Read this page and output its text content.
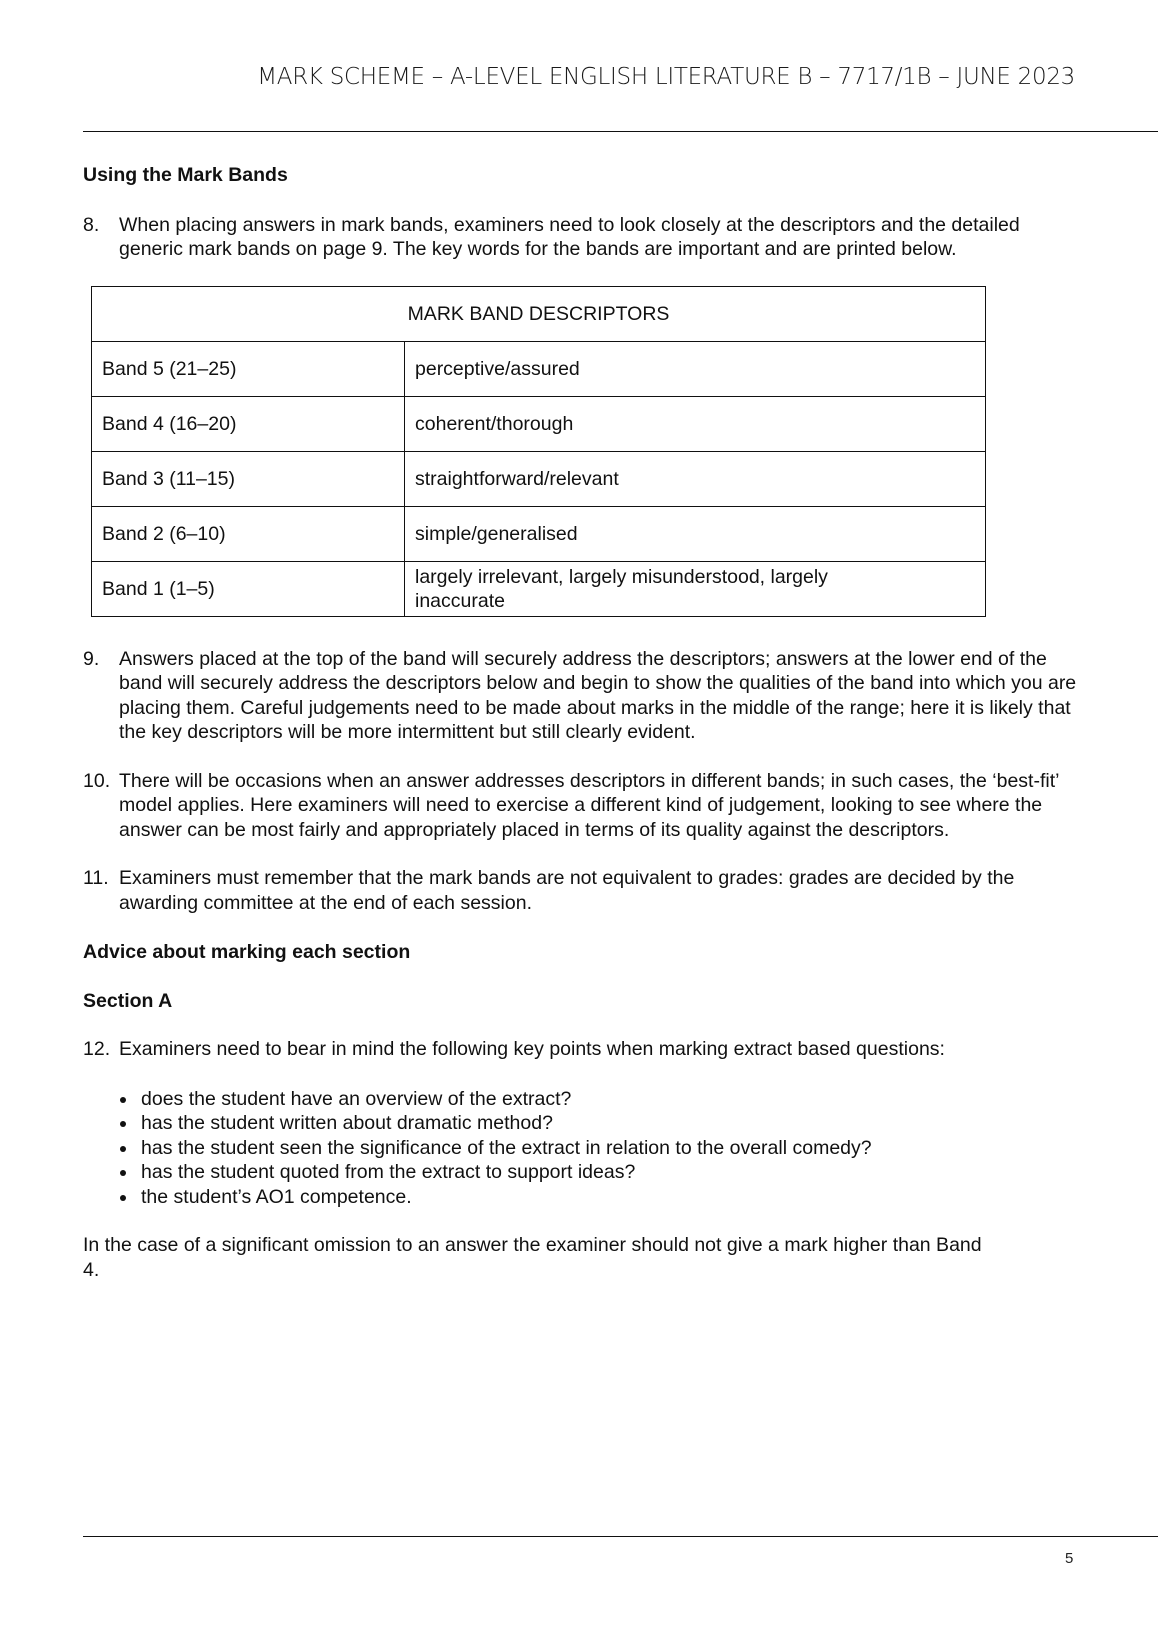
MARK SCHEME – A-LEVEL ENGLISH LITERATURE B – 7717/1B – JUNE 2023
Using the Mark Bands

8. When placing answers in mark bands, examiners need to look closely at the descriptors and the detailed generic mark bands on page 9. The key words for the bands are important and are printed below.

MARK BAND DESCRIPTORS	
Band 5 (21–25)	perceptive/assured
Band 4 (16–20)	coherent/thorough
Band 3 (11–15)	straightforward/relevant
Band 2 (6–10)	simple/generalised
Band 1 (1–5)	largely irrelevant, largely misunderstood, largely inaccurate

9. Answers placed at the top of the band will securely address the descriptors; answers at the lower end of the band will securely address the descriptors below and begin to show the qualities of the band into which you are placing them. Careful judgements need to be made about marks in the middle of the range; here it is likely that the key descriptors will be more intermittent but still clearly evident.

10. There will be occasions when an answer addresses descriptors in different bands; in such cases, the ‘best-fit’ model applies. Here examiners will need to exercise a different kind of judgement, looking to see where the answer can be most fairly and appropriately placed in terms of its quality against the descriptors.

11. Examiners must remember that the mark bands are not equivalent to grades: grades are decided by the awarding committee at the end of each session.

Advice about marking each section
Section A

12. Examiners need to bear in mind the following key points when marking extract based questions:

does the student have an overview of the extract?
has the student written about dramatic method?
has the student seen the significance of the extract in relation to the overall comedy?
has the student quoted from the extract to support ideas?
the student’s AO1 competence.

In the case of a significant omission to an answer the examiner should not give a mark higher than Band 4.

5
